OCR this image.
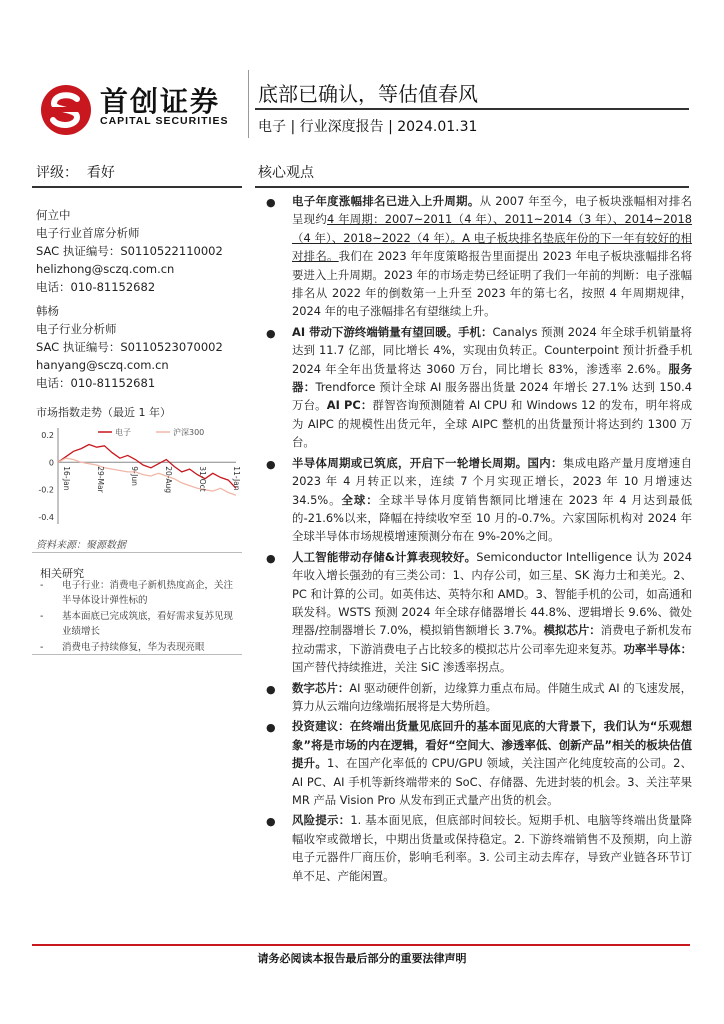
首创证券
CAPITAL SECURITIES
底部已确认，等估值春风
电子 | 行业深度报告 | 2024.01.31
评级：  看好
何立中
电子行业首席分析师
SAC 执证编号：S0110522110002
helizhong@sczq.com.cn
电话：010-81152682
韩杨
电子行业分析师
SAC 执证编号：S0110523070002
hanyang@sczq.com.cn
电话：010-81152681
市场指数走势（最近 1 年）
0.2
0
-0.2
-0.4
电子	沪深300
16-Jan	29-Mar	9-Jun	20-Aug	31-Oct	11-Jan
资料来源：聚源数据
相关研究
- 电子行业：消费电子新机热度高企，关注半导体设计弹性标的
- 基本面底已完成筑底，看好需求复苏见现业绩增长
- 消费电子持续修复，华为表现亮眼
核心观点
● 电子年度涨幅排名已进入上升周期。从 2007 年至今，电子板块涨幅相对排名呈现约4 年周期：2007~2011（4 年）、2011~2014（3 年）、2014~2018（4 年）、2018~2022（4 年）。A 电子板块排名垫底年份的下一年有较好的相对排名。我们在 2023 年年度策略报告里面提出 2023 年电子板块涨幅排名将要进入上升周期。2023 年的市场走势已经证明了我们一年前的判断：电子涨幅排名从 2022 年的倒数第一上升至 2023 年的第七名，按照 4 年周期规律，2024 年的电子涨幅排名有望继续上升。
● AI 带动下游终端销量有望回暖。手机：Canalys 预测 2024 年全球手机销量将达到 11.7 亿部，同比增长 4%，实现由负转正。Counterpoint 预计折叠手机 2024 年全年出货量将达 3060 万台，同比增长 83%，渗透率 2.6%。服务器：Trendforce 预计全球 AI 服务器出货量 2024 年增长 27.1% 达到 150.4 万台。AI PC：群智咨询预测随着 AI CPU 和 Windows 12 的发布，明年将成为 AIPC 的规模性出货元年，全球 AIPC 整机的出货量预计将达到约 1300 万台。
● 半导体周期或已筑底，开启下一轮增长周期。国内：集成电路产量月度增速自 2023 年 4 月转正以来，连续 7 个月实现正增长，2023 年 10 月增速达 34.5%。全球：全球半导体月度销售额同比增速在 2023 年 4 月达到最低的-21.6%以来，降幅在持续收窄至 10 月的-0.7%。六家国际机构对 2024 年全球半导体市场规模增速预测分布在 9%-20%之间。
● 人工智能带动存储&计算表现较好。Semiconductor Intelligence 认为 2024 年收入增长强劲的有三类公司：1、内存公司，如三星、SK 海力士和美光。2、PC 和计算的公司。如英伟达、英特尔和 AMD。3、智能手机的公司，如高通和联发科。WSTS 预测 2024 年全球存储器增长 44.8%、逻辑增长 9.6%、微处理器/控制器增长 7.0%，模拟销售额增长 3.7%。模拟芯片：消费电子新机发布拉动需求，下游消费电子占比较多的模拟芯片公司率先迎来复苏。功率半导体：国产替代持续推进，关注 SiC 渗透率拐点。
● 数字芯片：AI 驱动硬件创新，边缘算力重点布局。伴随生成式 AI 的飞速发展，算力从云端向边缘端拓展将是大势所趋。
● 投资建议：在终端出货量见底回升的基本面见底的大背景下，我们认为“乐观想象”将是市场的内在逻辑，看好“空间大、渗透率低、创新产品”相关的板块估值提升。1、在国产化率低的 CPU/GPU 领域，关注国产化纯度较高的公司。2、AI PC、AI 手机等新终端带来的 SoC、存储器、先进封装的机会。3、关注苹果 MR 产品 Vision Pro 从发布到正式量产出货的机会。
● 风险提示：1. 基本面见底，但底部时间较长。短期手机、电脑等终端出货量降幅收窄或微增长，中期出货量或保持稳定。2. 下游终端销售不及预期，向上游电子元器件厂商压价，影响毛利率。3. 公司主动去库存，导致产业链各环节订单不足、产能闲置。
请务必阅读本报告最后部分的重要法律声明
